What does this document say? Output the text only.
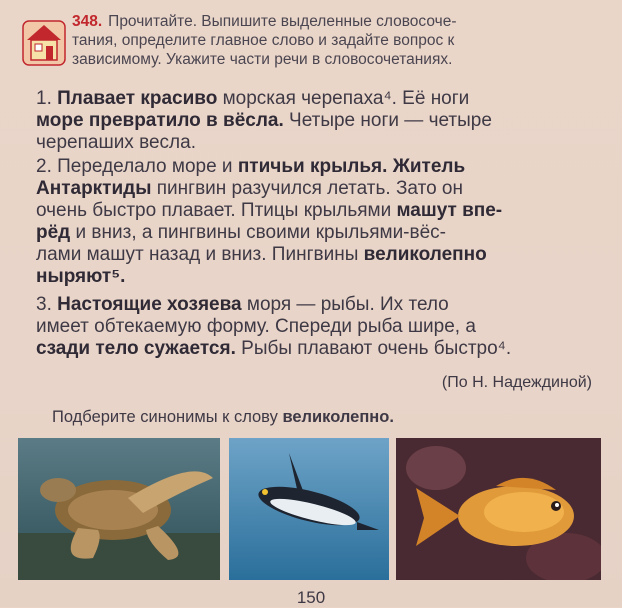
348. Прочитайте. Выпишите выделенные словосоче-
тания, определите главное слово и задайте вопрос к
зависимому. Укажите части речи в словосочетаниях.
1. Плавает красиво морская черепаха⁴. Её ноги
море превратило в вёсла. Четыре ноги — четыре
черепаших весла.
2. Переделало море и птичьи крылья. Житель
Антарктиды пингвин разучился летать. Зато он
очень быстро плавает. Птицы крыльями машут впе-
рёд и вниз, а пингвины своими крыльями-вёс-
лами машут назад и вниз. Пингвины великолепно
ныряют⁵.
3. Настоящие хозяева моря — рыбы. Их тело
имеет обтекаемую форму. Спереди рыба шире, а
сзади тело сужается. Рыбы плавают очень быстро⁴.
(По Н. Надеждиной)
Подберите синонимы к слову великолепно.
150
